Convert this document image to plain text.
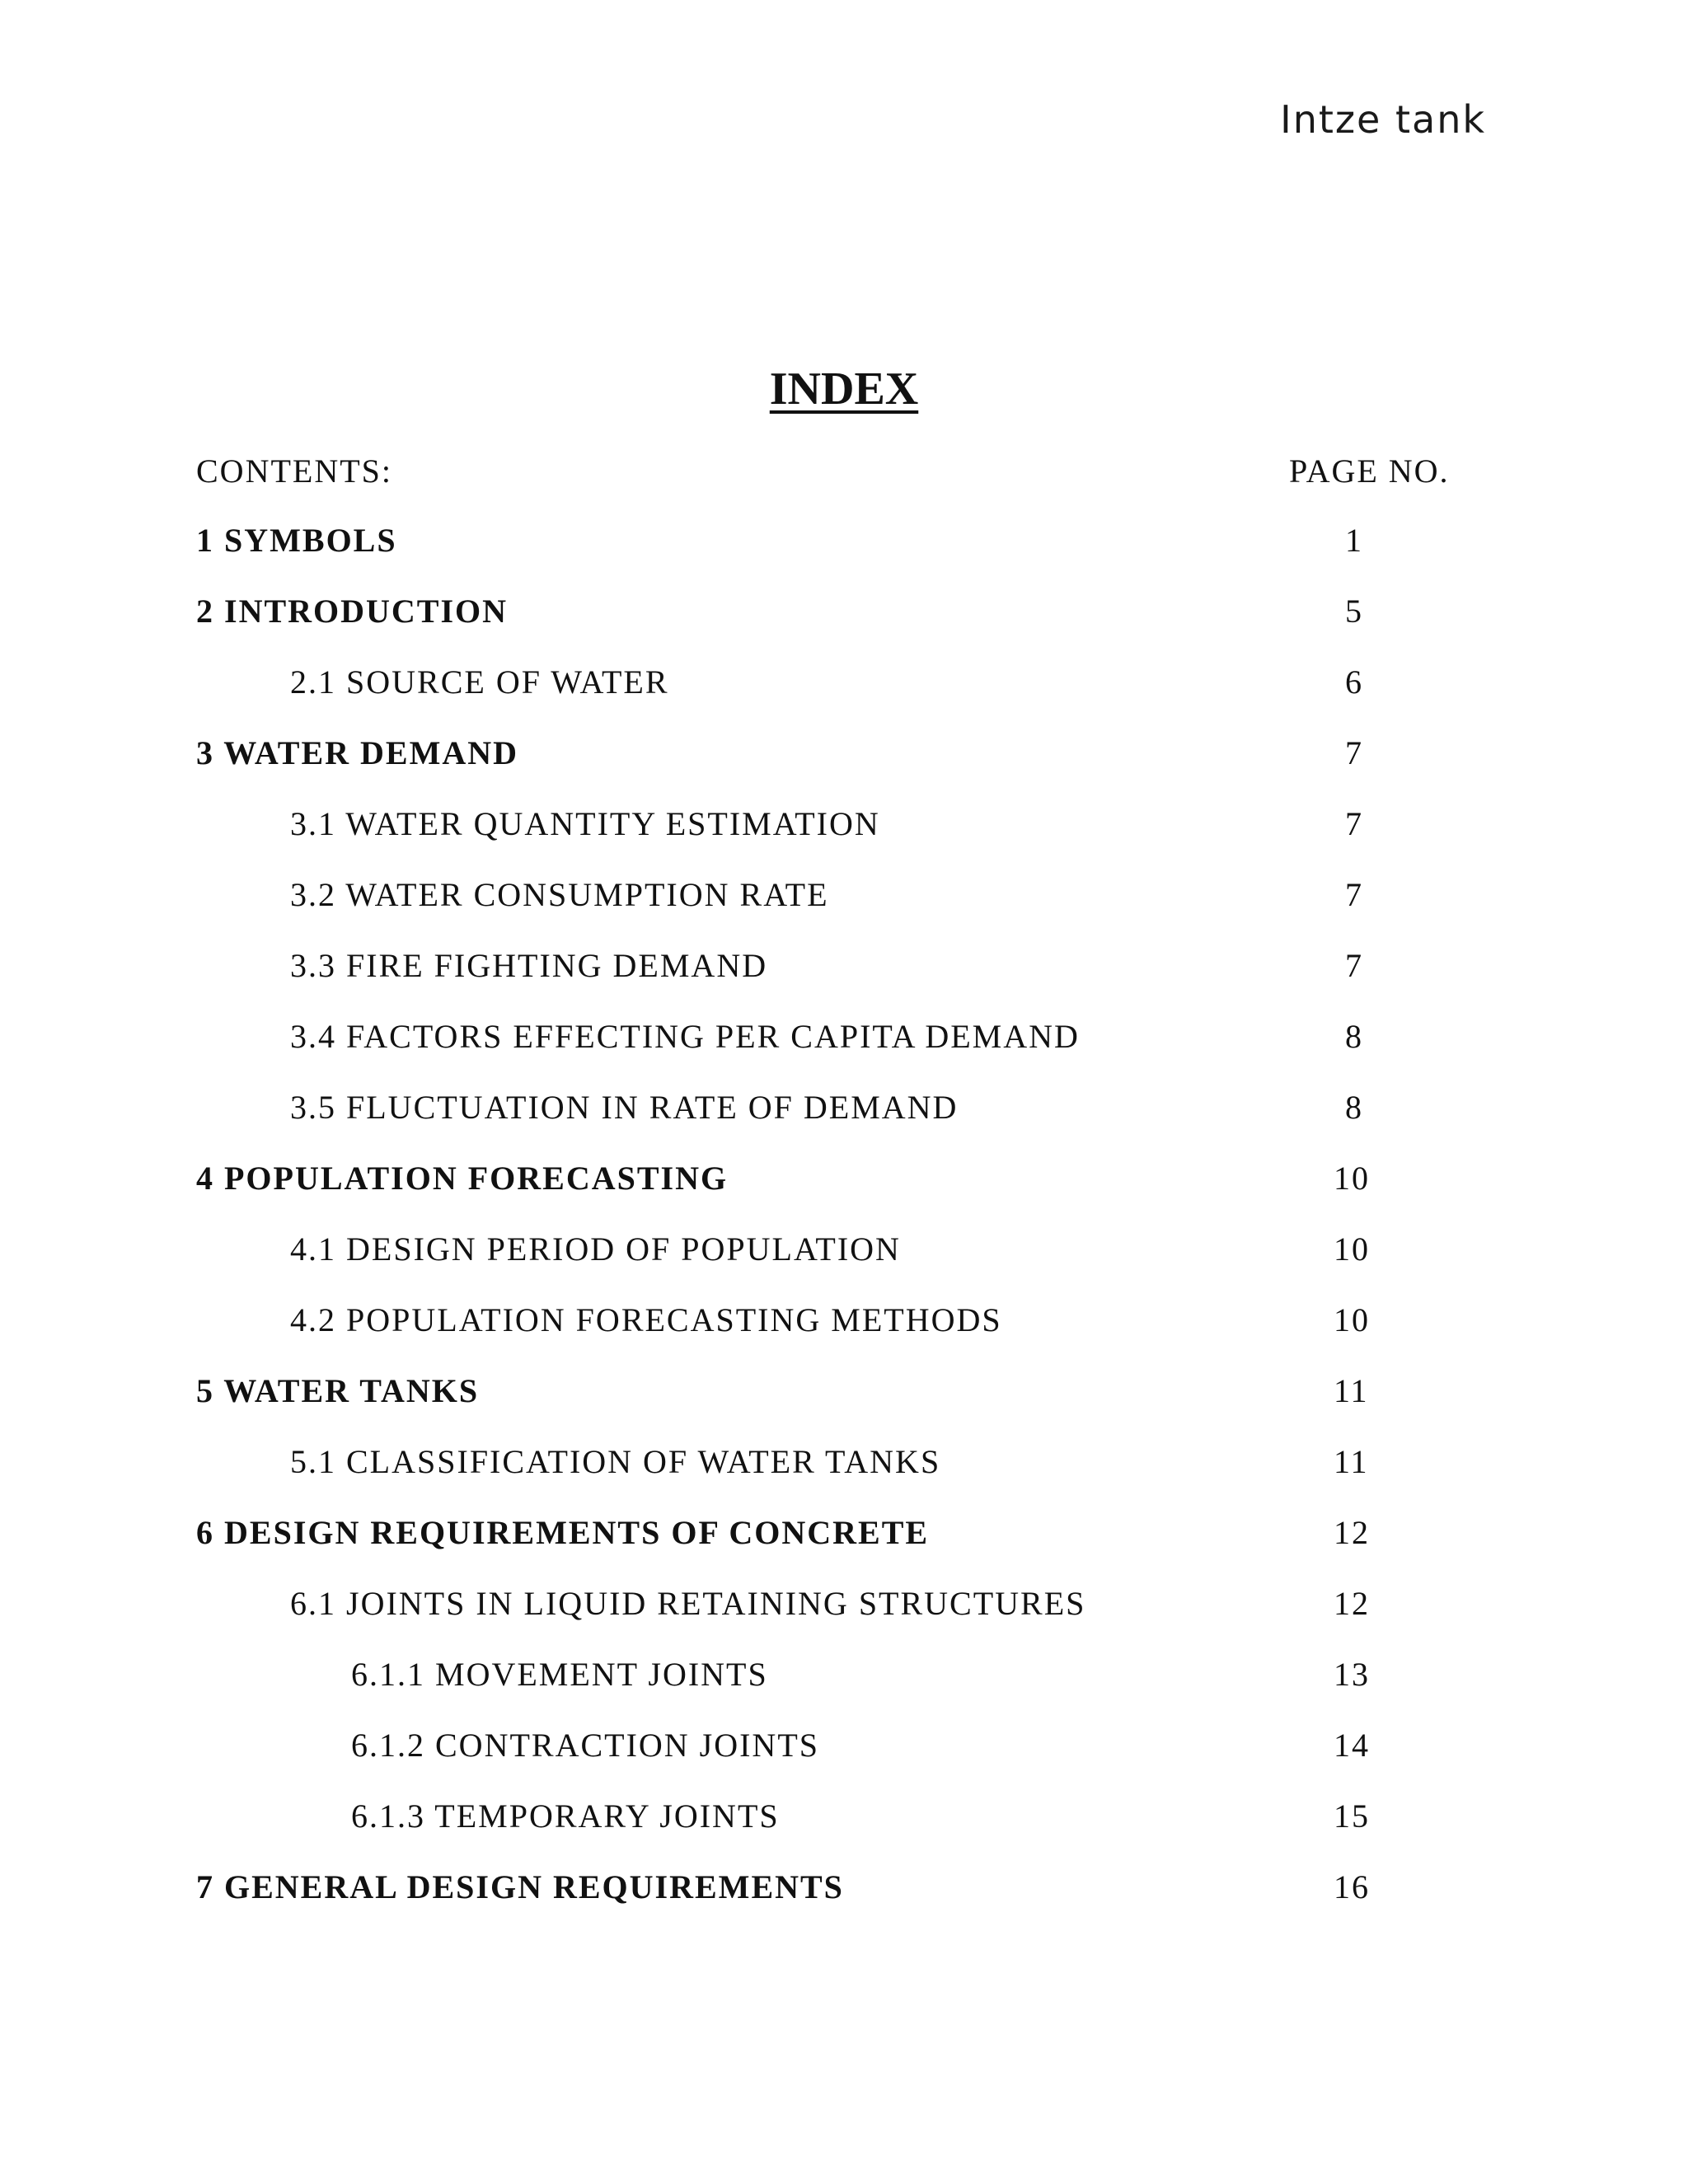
Intze tank
INDEX
CONTENTS:	PAGE NO.
1 SYMBOLS	1
2 INTRODUCTION	5
2.1 SOURCE OF WATER	6
3 WATER DEMAND	7
3.1 WATER QUANTITY ESTIMATION	7
3.2 WATER CONSUMPTION RATE	7
3.3 FIRE FIGHTING DEMAND	7
3.4 FACTORS EFFECTING PER CAPITA DEMAND	8
3.5 FLUCTUATION IN RATE OF DEMAND	8
4 POPULATION FORECASTING	10
4.1 DESIGN PERIOD OF POPULATION	10
4.2 POPULATION FORECASTING METHODS	10
5 WATER TANKS	11
5.1 CLASSIFICATION OF WATER TANKS	11
6 DESIGN REQUIREMENTS OF CONCRETE	12
6.1 JOINTS IN LIQUID RETAINING STRUCTURES	12
6.1.1 MOVEMENT JOINTS	13
6.1.2 CONTRACTION JOINTS	14
6.1.3 TEMPORARY JOINTS	15
7 GENERAL DESIGN REQUIREMENTS	16
